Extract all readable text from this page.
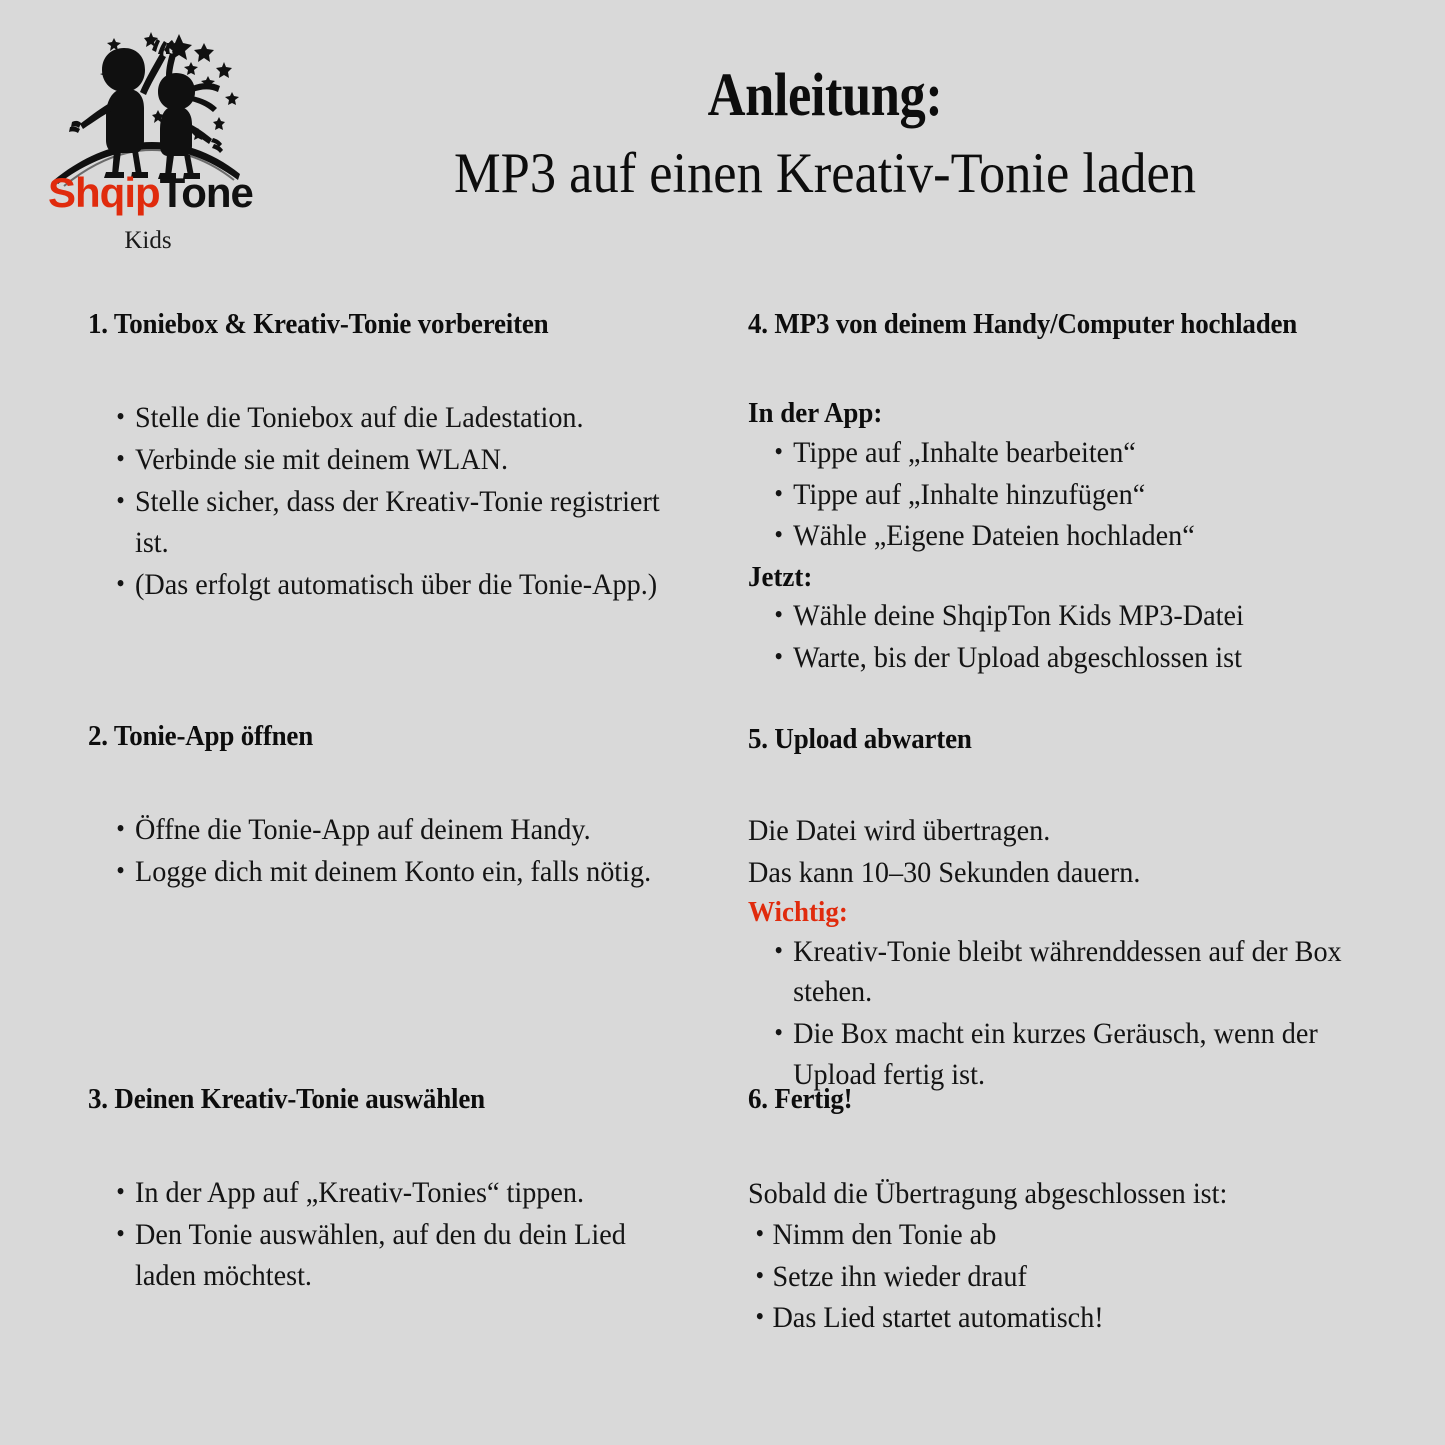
ShqipTone
Kids
Anleitung:
MP3 auf einen Kreativ-Tonie laden
1. Toniebox & Kreativ-Tonie vorbereiten
• Stelle die Toniebox auf die Ladestation.
• Verbinde sie mit deinem WLAN.
• Stelle sicher, dass der Kreativ-Tonie registriert ist.
• (Das erfolgt automatisch über die Tonie-App.)
2. Tonie-App öffnen
• Öffne die Tonie-App auf deinem Handy.
• Logge dich mit deinem Konto ein, falls nötig.
3. Deinen Kreativ-Tonie auswählen
• In der App auf „Kreativ-Tonies“ tippen.
• Den Tonie auswählen, auf den du dein Lied laden möchtest.
4. MP3 von deinem Handy/Computer hochladen
In der App:
• Tippe auf „Inhalte bearbeiten“
• Tippe auf „Inhalte hinzufügen“
• Wähle „Eigene Dateien hochladen“
Jetzt:
• Wähle deine ShqipTon Kids MP3-Datei
• Warte, bis der Upload abgeschlossen ist
5. Upload abwarten

Die Datei wird übertragen.

Das kann 10–30 Sekunden dauern.

Wichtig:
• Kreativ-Tonie bleibt währenddessen auf der Box stehen.
• Die Box macht ein kurzes Geräusch, wenn der Upload fertig ist.
6. Fertig!

Sobald die Übertragung abgeschlossen ist:

• Nimm den Tonie ab
• Setze ihn wieder drauf
• Das Lied startet automatisch!
